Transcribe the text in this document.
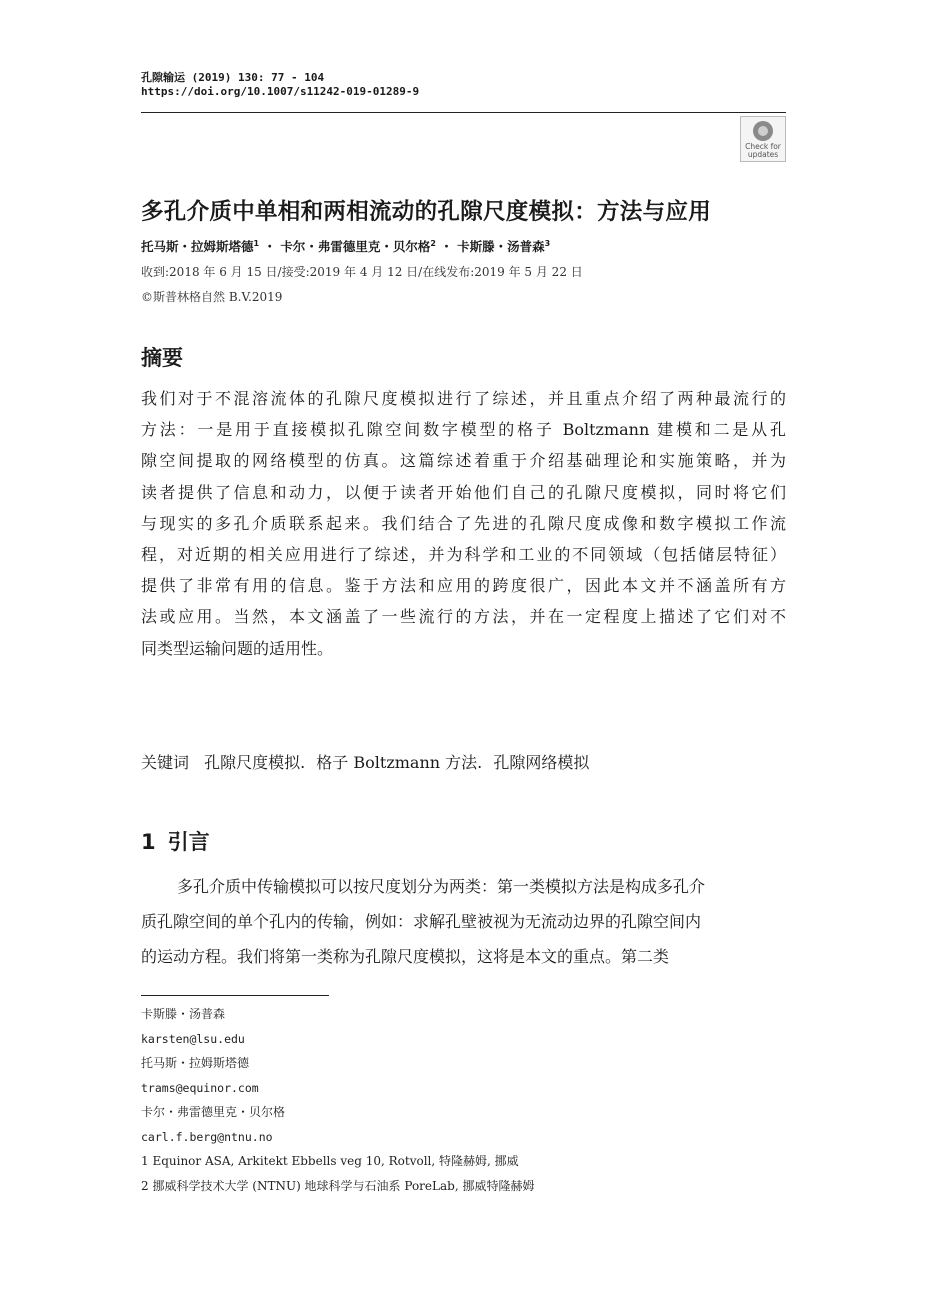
孔隙输运 (2019) 130: 77 - 104
https://doi.org/10.1007/s11242-019-01289-9
Check for
updates
多孔介质中单相和两相流动的孔隙尺度模拟：方法与应用
托马斯・拉姆斯塔德$^1$ ・ 卡尔・弗雷德里克・贝尔格$^2$ ・ 卡斯滕・汤普森$^3$
收到:2018 年 6 月 15 日/接受:2019 年 4 月 12 日/在线发布:2019 年 5 月 22 日
©斯普林格自然 B.V.2019
摘要
我们对于不混溶流体的孔隙尺度模拟进行了综述，并且重点介绍了两种最流行的
方法：一是用于直接模拟孔隙空间数字模型的格子 Boltzmann 建模和二是从孔
隙空间提取的网络模型的仿真。这篇综述着重于介绍基础理论和实施策略，并为
读者提供了信息和动力，以便于读者开始他们自己的孔隙尺度模拟，同时将它们
与现实的多孔介质联系起来。我们结合了先进的孔隙尺度成像和数字模拟工作流
程，对近期的相关应用进行了综述，并为科学和工业的不同领域（包括储层特征）
提供了非常有用的信息。鉴于方法和应用的跨度很广，因此本文并不涵盖所有方
法或应用。当然，本文涵盖了一些流行的方法，并在一定程度上描述了它们对不
同类型运输问题的适用性。
关键词 孔隙尺度模拟. 格子 Boltzmann 方法. 孔隙网络模拟
1 引言
多孔介质中传输模拟可以按尺度划分为两类：第一类模拟方法是构成多孔介
质孔隙空间的单个孔内的传输，例如：求解孔壁被视为无流动边界的孔隙空间内
的运动方程。我们将第一类称为孔隙尺度模拟，这将是本文的重点。第二类
卡斯滕・汤普森
karsten@lsu.edu
托马斯・拉姆斯塔德
trams@equinor.com
卡尔・弗雷德里克・贝尔格
carl.f.berg@ntnu.no
1 Equinor ASA, Arkitekt Ebbells veg 10, Rotvoll, 特隆赫姆, 挪威
2 挪威科学技术大学 (NTNU) 地球科学与石油系 PoreLab, 挪威特隆赫姆
